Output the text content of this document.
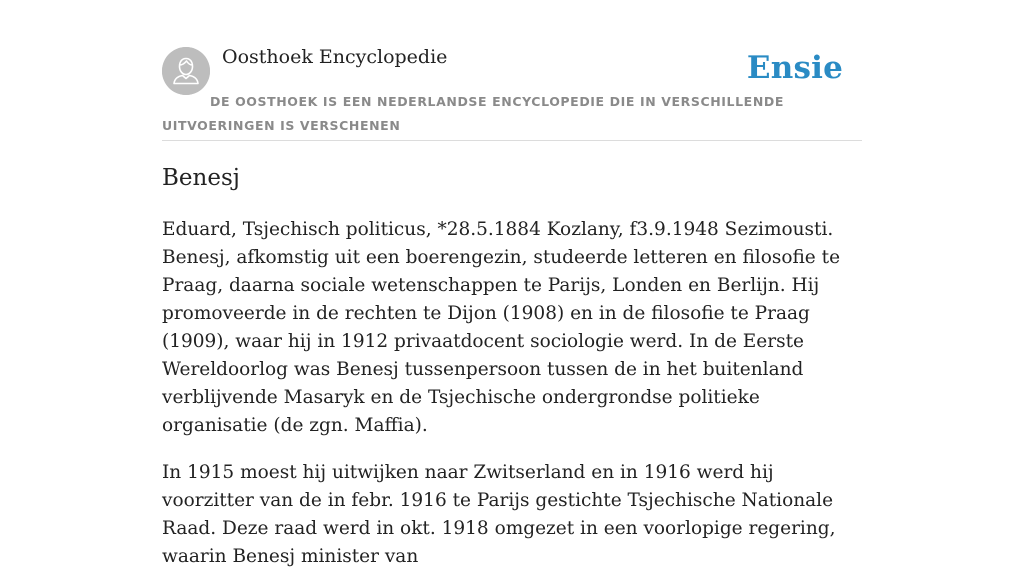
Oosthoek Encyclopedie	Ensie
DE OOSTHOEK IS EEN NEDERLANDSE ENCYCLOPEDIE DIE IN VERSCHILLENDE UITVOERINGEN IS VERSCHENEN
Benesj

Eduard, Tsjechisch politicus, *28.5.1884 Kozlany, f3.9.1948 Sezimousti. Benesj, afkomstig uit een boerengezin, studeerde letteren en filosofie te Praag, daarna sociale wetenschappen te Parijs, Londen en Berlijn. Hij promoveerde in de rechten te Dijon (1908) en in de filosofie te Praag (1909), waar hij in 1912 privaatdocent sociologie werd. In de Eerste Wereldoorlog was Benesj tussenpersoon tussen de in het buitenland verblijvende Masaryk en de Tsjechische ondergrondse politieke organisatie (de zgn. Maffia).

In 1915 moest hij uitwijken naar Zwitserland en in 1916 werd hij voorzitter van de in febr. 1916 te Parijs gestichte Tsjechische Nationale Raad. Deze raad werd in okt. 1918 omgezet in een voorlopige regering, waarin Benesj minister van
